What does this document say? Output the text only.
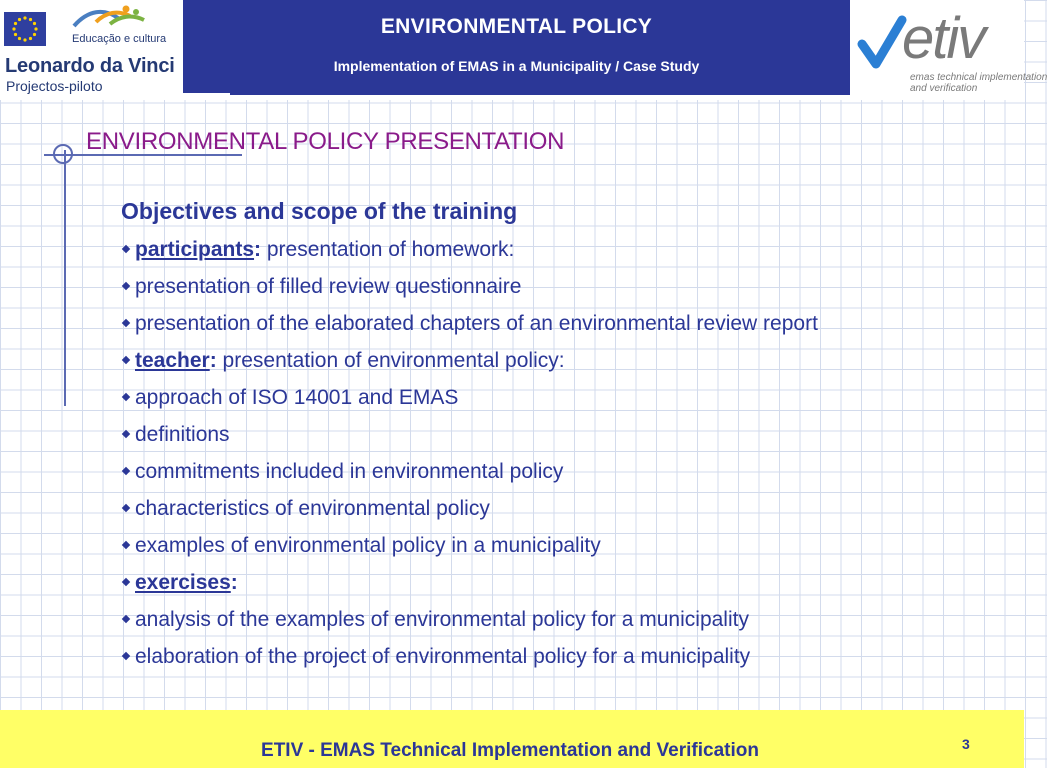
Educação e cultura
Leonardo da Vinci
Projectos-piloto
ENVIRONMENTAL POLICY
Implementation of EMAS in a Municipality / Case Study	etiv
emas technical implementation
and verification
ENVIRONMENTAL POLICY PRESENTATION
Objectives and scope of the training
participants: presentation of homework:
presentation of filled review questionnaire
presentation of the elaborated chapters of an environmental review report
teacher: presentation of environmental policy:
approach of ISO 14001 and EMAS
definitions
commitments included in environmental policy
characteristics of environmental policy
examples of environmental policy in a municipality
exercises:
analysis of the examples of environmental policy for a municipality
elaboration of the project of environmental policy for a municipality
ETIV - EMAS Technical Implementation and Verification	3
